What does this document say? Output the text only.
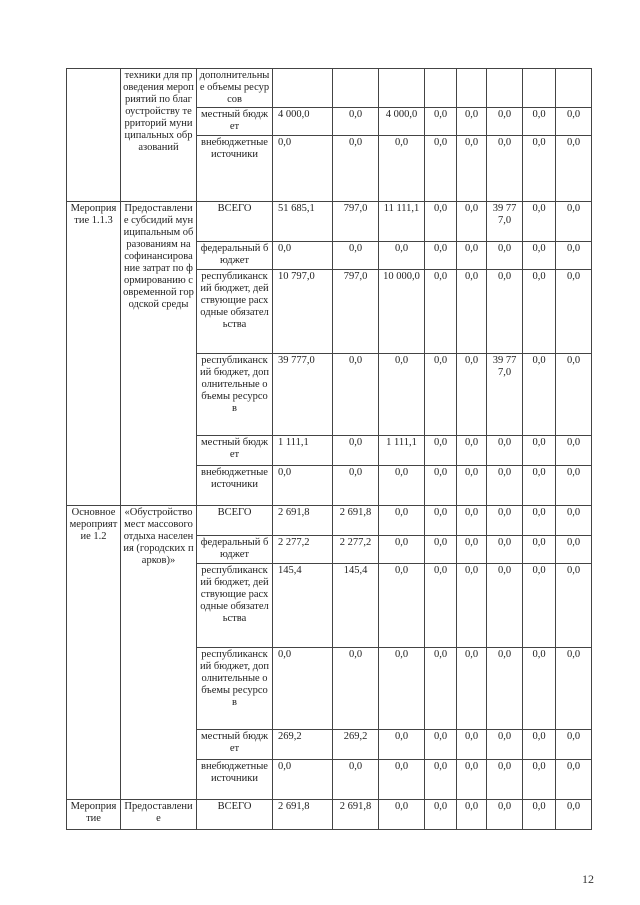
	техники для проведения мероприятий по благоустройству территорий муниципальных образований	дополнительные объемы ресурсов								
		местный бюджет	4 000,0	0,0	4 000,0	0,0	0,0	0,0	0,0	0,0
		внебюджетные источники	0,0	0,0	0,0	0,0	0,0	0,0	0,0	0,0
Мероприятие 1.1.3	Предоставление субсидий муниципальным образованиям на софинансирование затрат по формированию современной городской среды	ВСЕГО	51 685,1	797,0	11 111,1	0,0	0,0	39 777,0	0,0	0,0
		федеральный бюджет	0,0	0,0	0,0	0,0	0,0	0,0	0,0	0,0
		республиканский бюджет, действующие расходные обязательства	10 797,0	797,0	10 000,0	0,0	0,0	0,0	0,0	0,0
		республиканский бюджет, дополнительные объемы ресурсов	39 777,0	0,0	0,0	0,0	0,0	39 777,0	0,0	0,0
		местный бюджет	1 111,1	0,0	1 111,1	0,0	0,0	0,0	0,0	0,0
		внебюджетные источники	0,0	0,0	0,0	0,0	0,0	0,0	0,0	0,0
Основное мероприятие 1.2	«Обустройство мест массового отдыха населения (городских парков)»	ВСЕГО	2 691,8	2 691,8	0,0	0,0	0,0	0,0	0,0	0,0
		федеральный бюджет	2 277,2	2 277,2	0,0	0,0	0,0	0,0	0,0	0,0
		республиканский бюджет, действующие расходные обязательства	145,4	145,4	0,0	0,0	0,0	0,0	0,0	0,0
		республиканский бюджет, дополнительные объемы ресурсов	0,0	0,0	0,0	0,0	0,0	0,0	0,0	0,0
		местный бюджет	269,2	269,2	0,0	0,0	0,0	0,0	0,0	0,0
		внебюджетные источники	0,0	0,0	0,0	0,0	0,0	0,0	0,0	0,0
Мероприятие	Предоставление	ВСЕГО	2 691,8	2 691,8	0,0	0,0	0,0	0,0	0,0	0,0
12
